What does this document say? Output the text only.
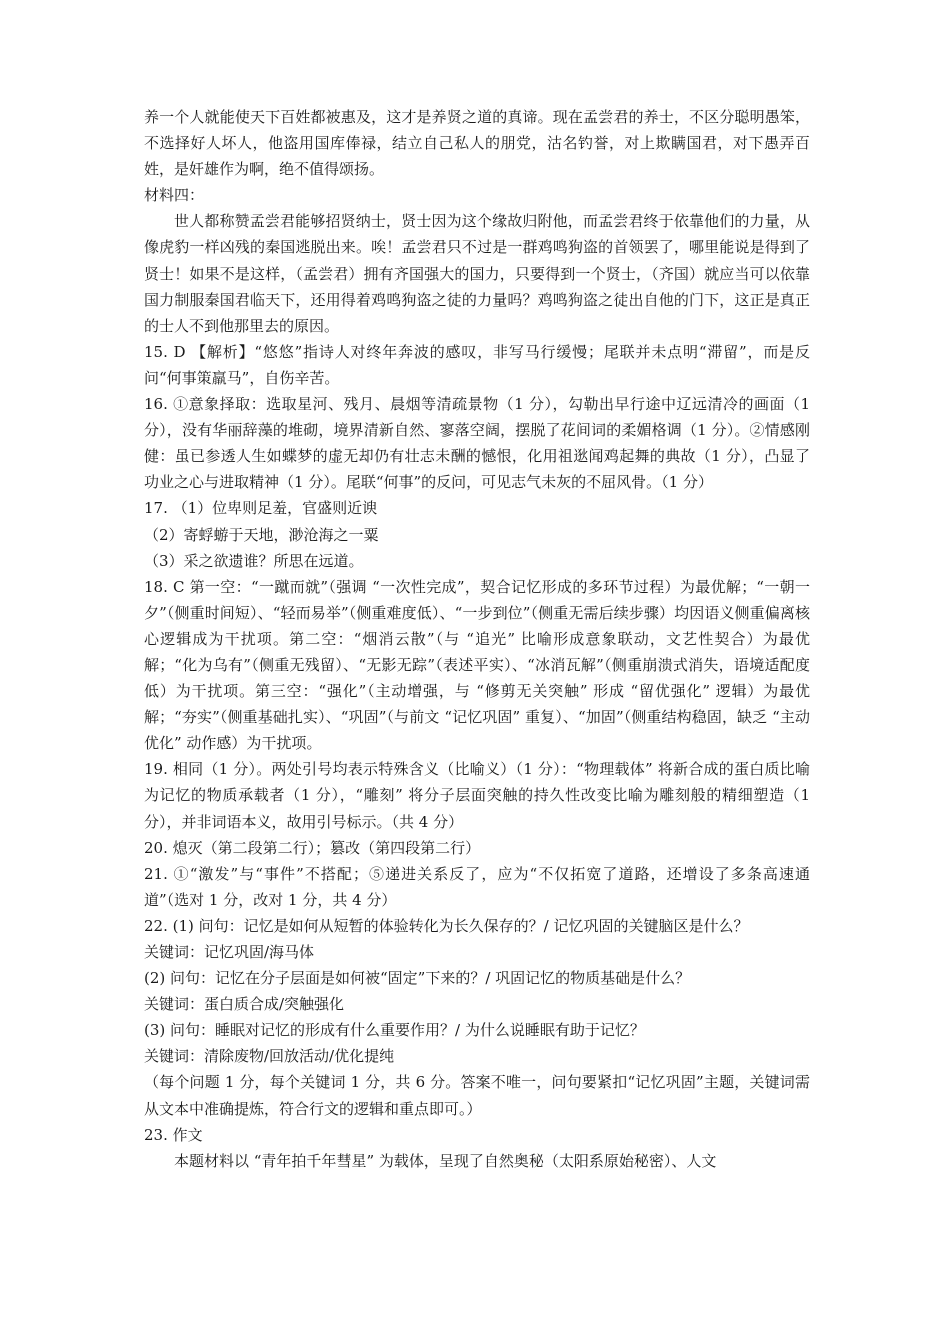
养一个人就能使天下百姓都被惠及，这才是养贤之道的真谛。现在孟尝君的养士，不区分聪明愚笨，不选择好人坏人，他盗用国库俸禄，结立自己私人的朋党，沽名钓誉，对上欺瞒国君，对下愚弄百姓，是奸雄作为啊，绝不值得颂扬。

材料四：

世人都称赞孟尝君能够招贤纳士，贤士因为这个缘故归附他，而孟尝君终于依靠他们的力量，从像虎豹一样凶残的秦国逃脱出来。唉！孟尝君只不过是一群鸡鸣狗盗的首领罢了，哪里能说是得到了贤士！如果不是这样，（孟尝君）拥有齐国强大的国力，只要得到一个贤士，（齐国）就应当可以依靠国力制服秦国君临天下，还用得着鸡鸣狗盗之徒的力量吗？鸡鸣狗盗之徒出自他的门下，这正是真正的士人不到他那里去的原因。

15. D 【解析】“悠悠”指诗人对终年奔波的感叹，非写马行缓慢；尾联并未点明“滞留”，而是反问“何事策羸马”，自伤辛苦。

16. ①意象择取：选取星河、残月、晨烟等清疏景物（1 分），勾勒出早行途中辽远清冷的画面（1 分），没有华丽辞藻的堆砌，境界清新自然、寥落空阔，摆脱了花间词的柔媚格调（1 分）。②情感刚健：虽已参透人生如蝶梦的虚无却仍有壮志未酬的憾恨，化用祖逖闻鸡起舞的典故（1 分），凸显了功业之心与进取精神（1 分）。尾联“何事”的反问，可见志气未灰的不屈风骨。（1 分）

17. （1）位卑则足羞，官盛则近谀

（2）寄蜉蝣于天地，渺沧海之一粟

（3）采之欲遗谁？所思在远道。

18. C 第一空：“一蹴而就”（强调 “一次性完成”，契合记忆形成的多环节过程）为最优解；“一朝一夕”（侧重时间短）、“轻而易举”（侧重难度低）、“一步到位”（侧重无需后续步骤）均因语义侧重偏离核心逻辑成为干扰项。第二空：“烟消云散”（与 “追光” 比喻形成意象联动，文艺性契合）为最优解；“化为乌有”（侧重无残留）、“无影无踪”（表述平实）、“冰消瓦解”（侧重崩溃式消失，语境适配度低）为干扰项。第三空：“强化”（主动增强，与 “修剪无关突触” 形成 “留优强化” 逻辑）为最优解；“夯实”（侧重基础扎实）、“巩固”（与前文 “记忆巩固” 重复）、“加固”（侧重结构稳固，缺乏 “主动优化” 动作感）为干扰项。

19. 相同（1 分）。两处引号均表示特殊含义（比喻义）（1 分）：“物理载体” 将新合成的蛋白质比喻为记忆的物质承载者（1 分），“雕刻” 将分子层面突触的持久性改变比喻为雕刻般的精细塑造（1 分），并非词语本义，故用引号标示。（共 4 分）

20. 熄灭（第二段第二行）；篡改（第四段第二行）

21. ①“激发”与“事件”不搭配；⑤递进关系反了，应为“不仅拓宽了道路，还增设了多条高速通道”（选对 1 分，改对 1 分，共 4 分）

22. (1) 问句：记忆是如何从短暂的体验转化为长久保存的？/ 记忆巩固的关键脑区是什么？

关键词：记忆巩固/海马体

(2) 问句：记忆在分子层面是如何被“固定”下来的？/ 巩固记忆的物质基础是什么？

关键词：蛋白质合成/突触强化

(3) 问句：睡眠对记忆的形成有什么重要作用？/ 为什么说睡眠有助于记忆？

关键词：清除废物/回放活动/优化提纯

（每个问题 1 分，每个关键词 1 分，共 6 分。答案不唯一，问句要紧扣“记忆巩固”主题，关键词需从文本中准确提炼，符合行文的逻辑和重点即可。）

23. 作文

本题材料以 “青年拍千年彗星” 为载体，呈现了自然奥秘（太阳系原始秘密）、人文
